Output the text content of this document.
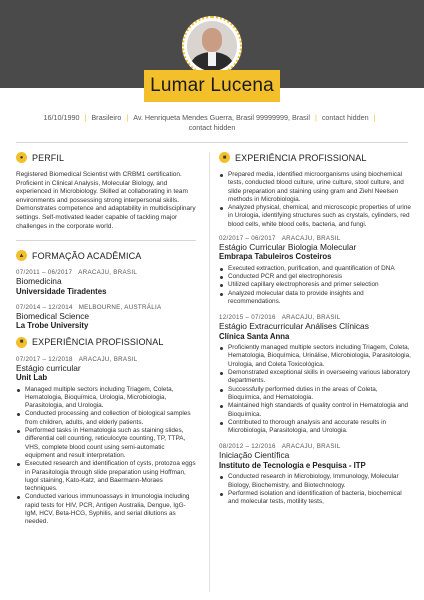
Lumar Lucena
16/10/1990 | Brasileiro | Av. Henriqueta Mendes Guerra, Brasil 99999999, Brasil | contact hidden |
contact hidden
● PERFIL
Registered Biomedical Scientist with CRBM1 certification. Proficient in Clinical Analysis, Molecular Biology, and experienced in Microbiology. Skilled at collaborating in team environments and possessing strong interpersonal skills. Demonstrates competence and adaptability in multidisciplinary settings. Self-motivated leader capable of tackling major challenges in the corporate world.
▲ FORMAÇÃO ACADÊMICA
07/2011 – 06/2017 ARACAJU, BRASIL
Biomedicina
Universidade Tiradentes
07/2014 – 12/2014 MELBOURNE, AUSTRÁLIA
Biomedical Science
La Trobe University
■ EXPERIÊNCIA PROFISSIONAL
07/2017 – 12/2018 ARACAJU, BRASIL
Estágio curricular
Unit Lab
Managed multiple sectors including Triagem, Coleta, Hematologia, Bioquímica, Urologia, Microbiologia, Parasitologia, and Urologia.
Conducted processing and collection of biological samples from children, adults, and elderly patients.
Performed tasks in Hematologia such as staining slides, differential cell counting, reticulocyte counting, TP, TTPA, VHS, complete blood count using semi-automatic equipment and result interpretation.
Executed research and identification of cysts, protozoa eggs in Parasitologia through slide preparation using Hoffman, lugol staining, Kato-Katz, and Baermann-Moraes techniques.
Conducted various immunoassays in Imunologia including rapid tests for HIV, PCR, Antigen Australia, Dengue, IgG-IgM, HCV, Beta-HCG, Syphilis, and serial dilutions as needed.
■ EXPERIÊNCIA PROFISSIONAL
Prepared media, identified microorganisms using biochemical tests, conducted blood culture, urine culture, stool culture, and slide preparation and staining using gram and Ziehl Neelsen methods in Microbiologia.
Analyzed physical, chemical, and microscopic properties of urine in Urologia, identifying structures such as crystals, cylinders, red blood cells, white blood cells, bacteria, and fungi.
02/2017 – 06/2017 ARACAJU, BRASIL
Estágio Curricular Biologia Molecular
Embrapa Tabuleiros Costeiros
Executed extraction, purification, and quantification of DNA
Conducted PCR and gel electrophoresis
Utilized capillary electrophoresis and primer selection
Analyzed molecular data to provide insights and recommendations.
12/2015 – 07/2016 ARACAJU, BRASIL
Estágio Extracurricular Análises Clínicas
Clínica Santa Anna
Proficiently managed multiple sectors including Triagem, Coleta, Hematologia, Bioquímica, Urinálise, Microbiologia, Parasitologia, Urologia, and Coleta Toxicológica.
Demonstrated exceptional skills in overseeing various laboratory departments.
Successfully performed duties in the areas of Coleta, Bioquímica, and Hematologia.
Maintained high standards of quality control in Hematologia and Bioquímica.
Contributed to thorough analysis and accurate results in Microbiologia, Parasitologia, and Urologia.
08/2012 – 12/2016 ARACAJU, BRASIL
Iniciação Científica
Instituto de Tecnologia e Pesquisa - ITP
Conducted research in Microbiology, Immunology, Molecular Biology, Biochemistry, and Biotechnology.
Performed isolation and identification of bacteria, biochemical and molecular tests, motility tests,
